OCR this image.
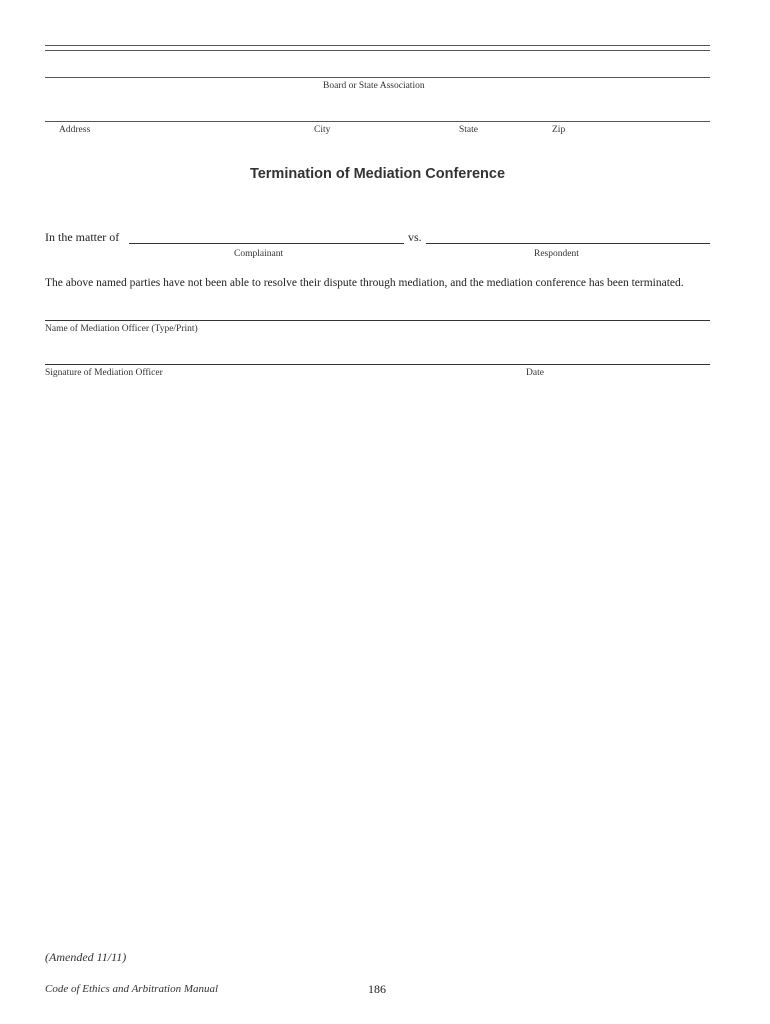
Board or State Association
Address	City	State	Zip
Termination of Mediation Conference
In the matter of	vs.
Complainant	Respondent
The above named parties have not been able to resolve their dispute through mediation, and the mediation conference has been terminated.
Name of Mediation Officer (Type/Print)
Signature of Mediation Officer	Date
(Amended 11/11)
Code of Ethics and Arbitration Manual	186
